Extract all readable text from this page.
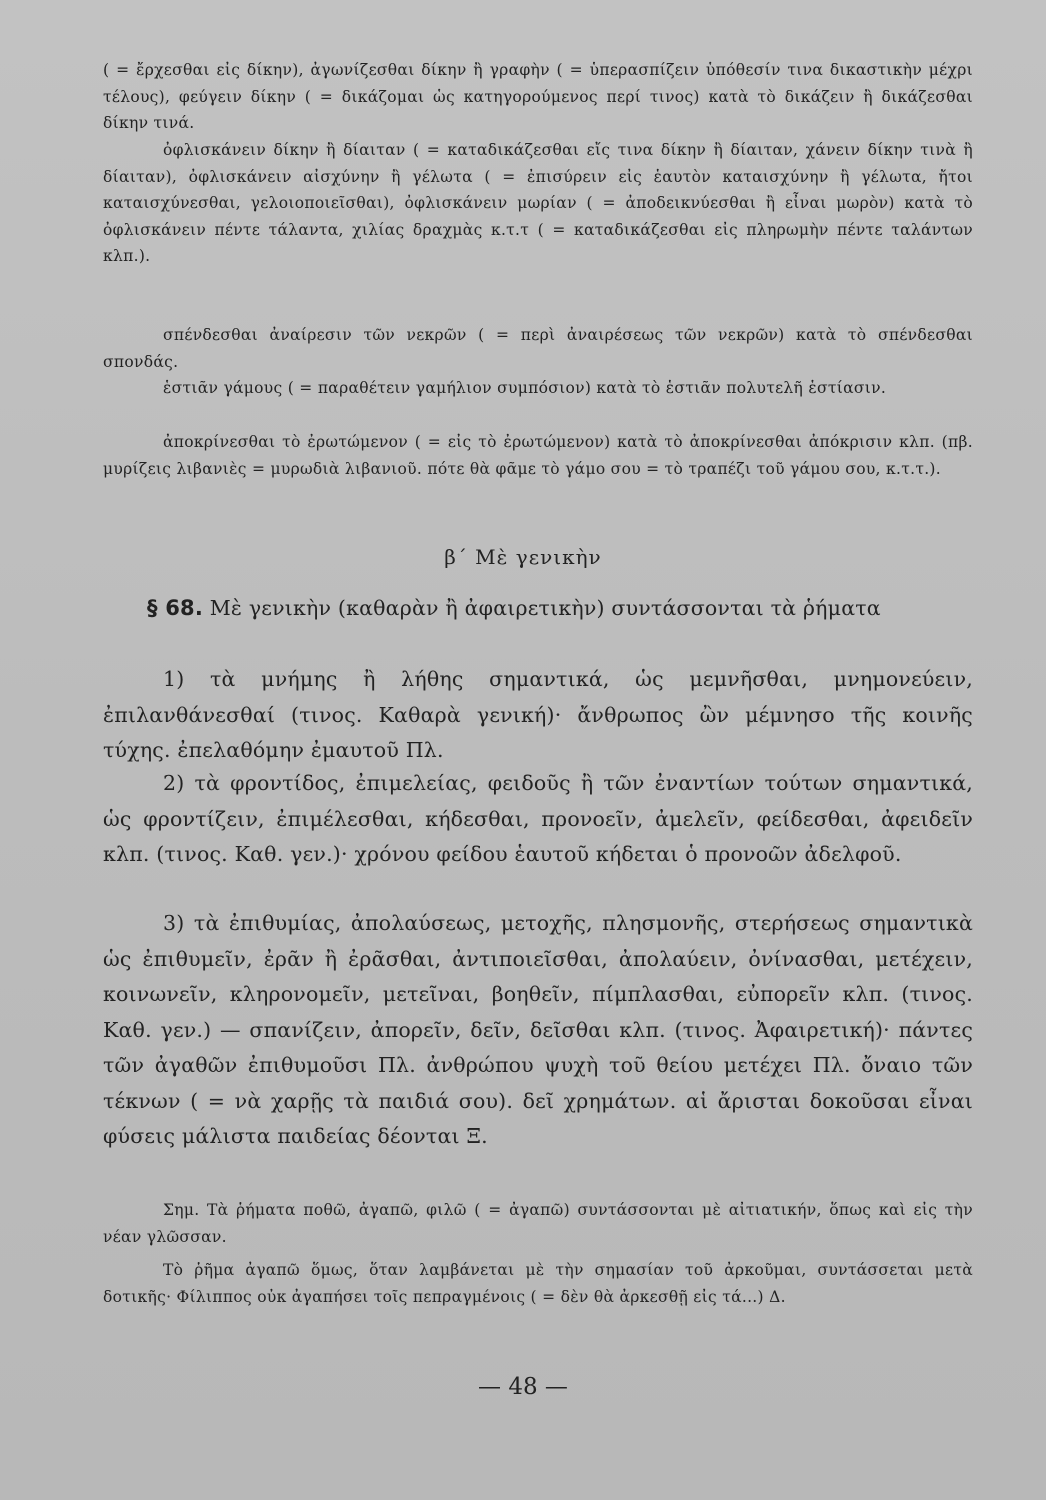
( = ἔρχεσθαι εἰς δίκην), ἀγωνίζεσθαι δίκην ἢ γραφὴν ( = ὑπερασπίζειν ὑπόθεσίν τινα δικαστικὴν μέχρι τέλους), φεύγειν δίκην ( = δικάζομαι ὡς κατηγορούμενος περί τινος) κατὰ τὸ δικάζειν ἢ δικάζεσθαι δίκην τινά.

ὀφλισκάνειν δίκην ἢ δίαιταν ( = καταδικάζεσθαι εἴς τινα δίκην ἢ δίαιταν, χάνειν δίκην τινὰ ἢ δίαιταν), ὀφλισκάνειν αἰσχύνην ἢ γέλωτα ( = ἐπισύρειν εἰς ἑαυτὸν καταισχύνην ἢ γέλωτα, ἤτοι καταισχύνεσθαι, γελοιοποιεῖσθαι), ὀφλισκάνειν μωρίαν ( = ἀποδεικνύεσθαι ἢ εἶναι μωρὸν) κατὰ τὸ ὀφλισκάνειν πέντε τάλαντα, χιλίας δραχμὰς κ.τ.τ ( = καταδικάζεσθαι εἰς πληρωμὴν πέντε ταλάντων κλπ.).

σπένδεσθαι ἀναίρεσιν τῶν νεκρῶν ( = περὶ ἀναιρέσεως τῶν νεκρῶν) κατὰ τὸ σπένδεσθαι σπονδάς.

ἑστιᾶν γάμους ( = παραθέτειν γαμήλιον συμπόσιον) κατὰ τὸ ἑστιᾶν πολυτελῆ ἑστίασιν.

ἀποκρίνεσθαι τὸ ἐρωτώμενον ( = εἰς τὸ ἐρωτώμενον) κατὰ τὸ ἀποκρίνεσθαι ἀπόκρισιν κλπ. (πβ. μυρίζεις λιβανιὲς = μυρωδιὰ λιβανιοῦ. πότε θὰ φᾶμε τὸ γάμο σου = τὸ τραπέζι τοῦ γάμου σου, κ.τ.τ.).

β΄ Μὲ γενικὴν

§ 68. Μὲ γενικὴν (καθαρὰν ἢ ἀφαιρετικὴν) συντάσσονται τὰ ῥήματα

1) τὰ μνήμης ἢ λήθης σημαντικά, ὡς μεμνῆσθαι, μνημονεύειν, ἐπιλανθάνεσθαί (τινος. Καθαρὰ γενική)· ἄνθρωπος ὢν μέμνησο τῆς κοινῆς τύχης. ἐπελαθόμην ἐμαυτοῦ Πλ.

2) τὰ φροντίδος, ἐπιμελείας, φειδοῦς ἢ τῶν ἐναντίων τούτων σημαντικά, ὡς φροντίζειν, ἐπιμέλεσθαι, κήδεσθαι, προνοεῖν, ἀμελεῖν, φείδεσθαι, ἀφειδεῖν κλπ. (τινος. Καθ. γεν.)· χρόνου φείδου ἑαυτοῦ κήδεται ὁ προνοῶν ἀδελφοῦ.

3) τὰ ἐπιθυμίας, ἀπολαύσεως, μετοχῆς, πλησμονῆς, στερήσεως σημαντικὰ ὡς ἐπιθυμεῖν, ἐρᾶν ἢ ἐρᾶσθαι, ἀντιποιεῖσθαι, ἀπολαύειν, ὀνίνασθαι, μετέχειν, κοινωνεῖν, κληρονομεῖν, μετεῖναι, βοηθεῖν, πίμπλασθαι, εὐπορεῖν κλπ. (τινος. Καθ. γεν.) — σπανίζειν, ἀπορεῖν, δεῖν, δεῖσθαι κλπ. (τινος. Ἀφαιρετική)· πάντες τῶν ἀγαθῶν ἐπιθυμοῦσι Πλ. ἀνθρώπου ψυχὴ τοῦ θείου μετέχει Πλ. ὄναιο τῶν τέκνων ( = νὰ χαρῇς τὰ παιδιά σου). δεῖ χρημάτων. αἱ ἄρισται δοκοῦσαι εἶναι φύσεις μάλιστα παιδείας δέονται Ξ.

Σημ. Τὰ ῥήματα ποθῶ, ἀγαπῶ, φιλῶ ( = ἀγαπῶ) συντάσσονται μὲ αἰτιατικήν, ὅπως καὶ εἰς τὴν νέαν γλῶσσαν.

Τὸ ῥῆμα ἀγαπῶ ὅμως, ὅταν λαμβάνεται μὲ τὴν σημασίαν τοῦ ἀρκοῦμαι, συντάσσεται μετὰ δοτικῆς· Φίλιππος οὐκ ἀγαπήσει τοῖς πεπραγμένοις ( = δὲν θὰ ἀρκεσθῇ εἰς τά...) Δ.

— 48 —
